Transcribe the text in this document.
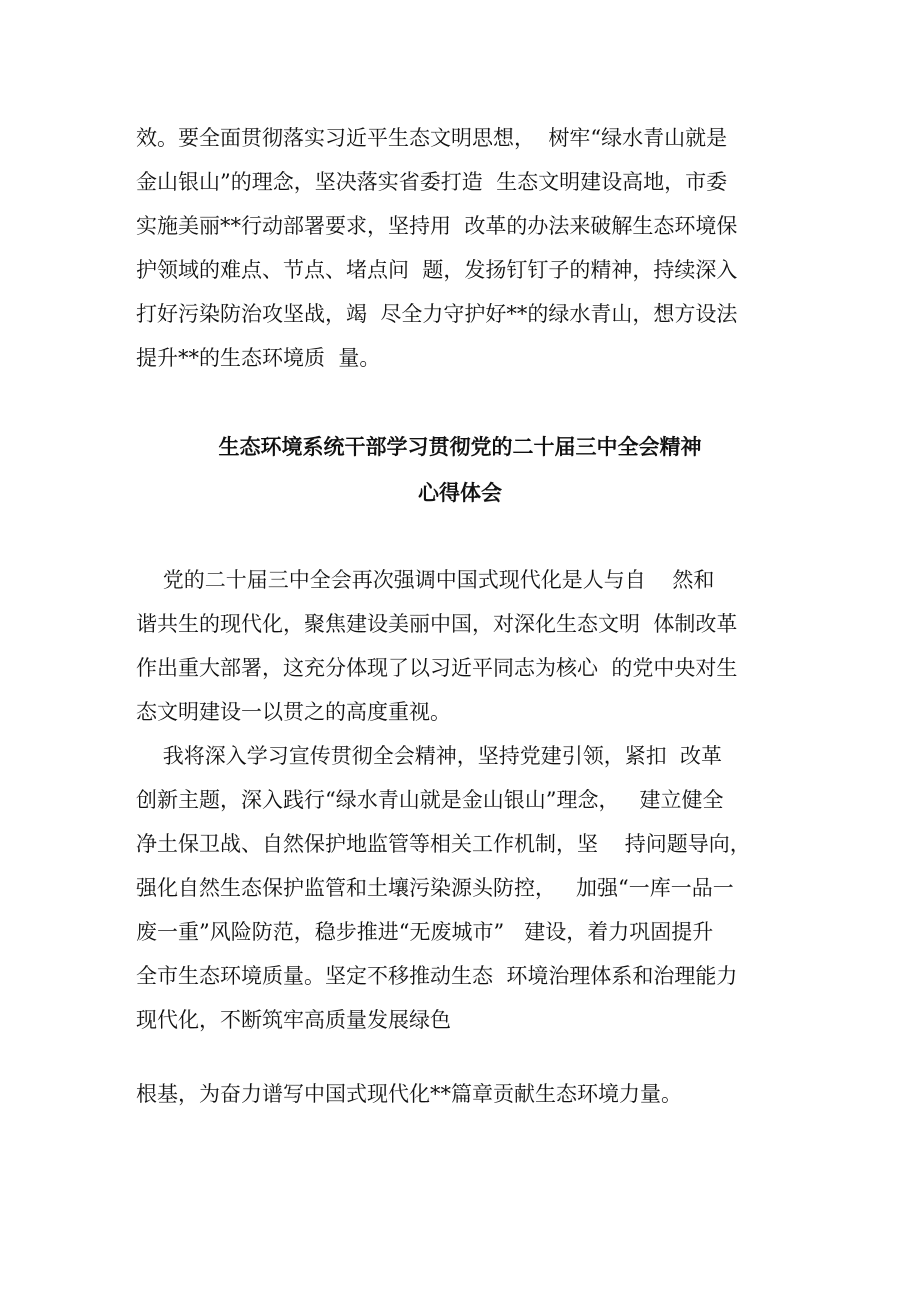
效。要全面贯彻落实习近平生态文明思想，  树牢“绿水青山就是
金山银山”的理念，坚决落实省委打造  生态文明建设高地，市委
实施美丽**行动部署要求，坚持用  改革的办法来破解生态环境保
护领域的难点、节点、堵点问  题，发扬钉钉子的精神，持续深入
打好污染防治攻坚战，竭  尽全力守护好**的绿水青山，想方设法
提升**的生态环境质  量。
生态环境系统干部学习贯彻党的二十届三中全会精神
心得体会
党的二十届三中全会再次强调中国式现代化是人与自    然和
谐共生的现代化，聚焦建设美丽中国，对深化生态文明  体制改革
作出重大部署，这充分体现了以习近平同志为核心  的党中央对生
态文明建设一以贯之的高度重视。
我将深入学习宣传贯彻全会精神，坚持党建引领，紧扣  改革
创新主题，深入践行“绿水青山就是金山银山”理念，   建立健全
净土保卫战、自然保护地监管等相关工作机制，坚    持问题导向，
强化自然生态保护监管和土壤污染源头防控，   加强“一库一品一
废一重”风险防范，稳步推进“无废城市”   建设，着力巩固提升
全市生态环境质量。坚定不移推动生态  环境治理体系和治理能力
现代化，不断筑牢高质量发展绿色
根基，为奋力谱写中国式现代化**篇章贡献生态环境力量。
